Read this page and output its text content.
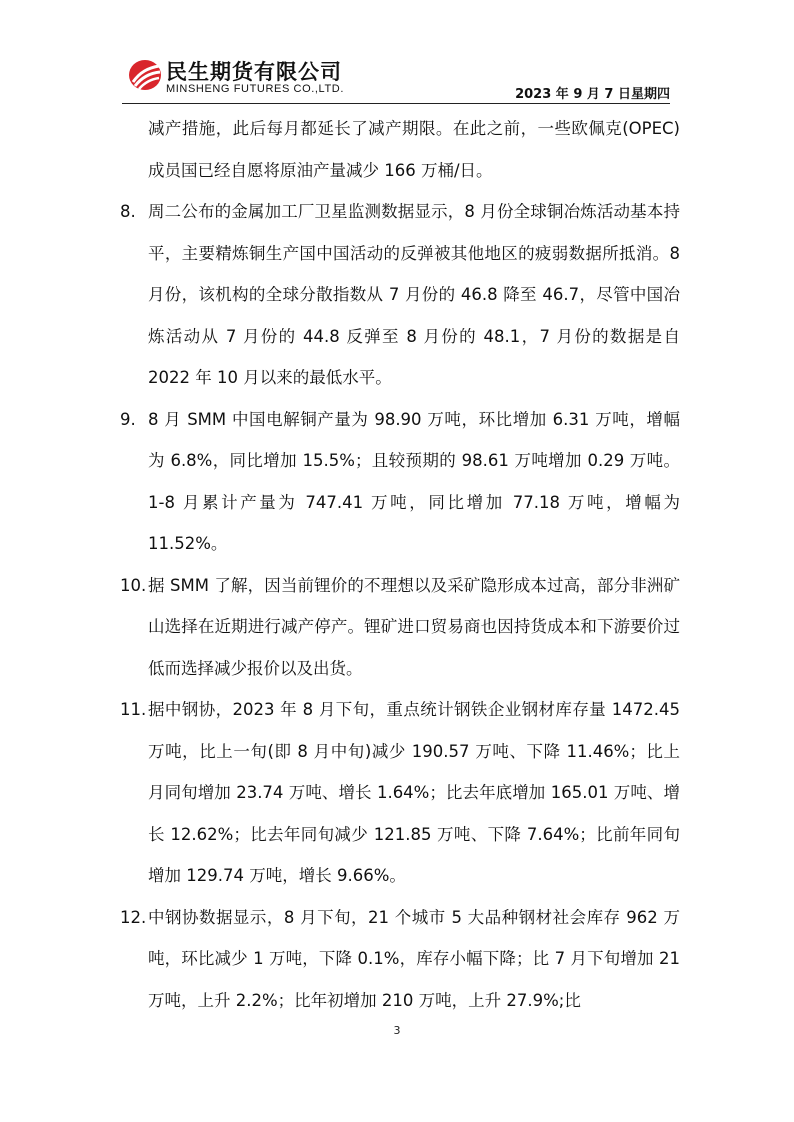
民生期货有限公司
MINSHENG FUTURES CO.,LTD.	2023 年 9 月 7 日星期四
减产措施，此后每月都延长了减产期限。在此之前，一些欧佩克(OPEC)成员国已经自愿将原油产量减少 166 万桶/日。
8. 周二公布的金属加工厂卫星监测数据显示，8 月份全球铜冶炼活动基本持平，主要精炼铜生产国中国活动的反弹被其他地区的疲弱数据所抵消。8 月份，该机构的全球分散指数从 7 月份的 46.8 降至 46.7，尽管中国冶炼活动从 7 月份的 44.8 反弹至 8 月份的 48.1，7 月份的数据是自 2022 年 10 月以来的最低水平。
9. 8 月 SMM 中国电解铜产量为 98.90 万吨，环比增加 6.31 万吨，增幅为 6.8%，同比增加 15.5%；且较预期的 98.61 万吨增加 0.29 万吨。1-8 月累计产量为 747.41 万吨，同比增加 77.18 万吨，增幅为 11.52%。
10. 据 SMM 了解，因当前锂价的不理想以及采矿隐形成本过高，部分非洲矿山选择在近期进行减产停产。锂矿进口贸易商也因持货成本和下游要价过低而选择减少报价以及出货。
11. 据中钢协，2023 年 8 月下旬，重点统计钢铁企业钢材库存量 1472.45 万吨，比上一旬(即 8 月中旬)减少 190.57 万吨、下降 11.46%；比上月同旬增加 23.74 万吨、增长 1.64%；比去年底增加 165.01 万吨、增长 12.62%；比去年同旬减少 121.85 万吨、下降 7.64%；比前年同旬增加 129.74 万吨，增长 9.66%。
12. 中钢协数据显示，8 月下旬，21 个城市 5 大品种钢材社会库存 962 万吨，环比减少 1 万吨，下降 0.1%，库存小幅下降；比 7 月下旬增加 21 万吨，上升 2.2%；比年初增加 210 万吨，上升 27.9%;比
3
